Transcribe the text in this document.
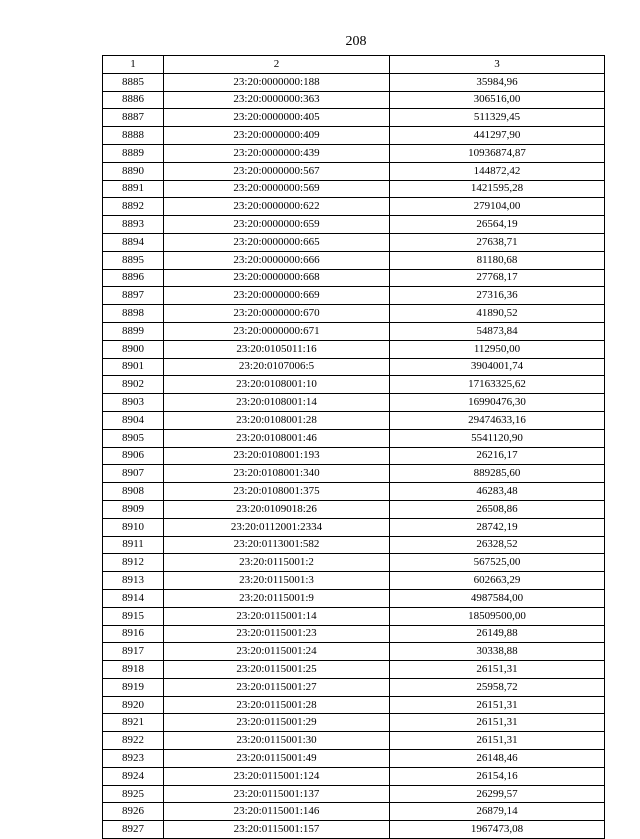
208
1	2	3
8885	23:20:0000000:188	35984,96
8886	23:20:0000000:363	306516,00
8887	23:20:0000000:405	511329,45
8888	23:20:0000000:409	441297,90
8889	23:20:0000000:439	10936874,87
8890	23:20:0000000:567	144872,42
8891	23:20:0000000:569	1421595,28
8892	23:20:0000000:622	279104,00
8893	23:20:0000000:659	26564,19
8894	23:20:0000000:665	27638,71
8895	23:20:0000000:666	81180,68
8896	23:20:0000000:668	27768,17
8897	23:20:0000000:669	27316,36
8898	23:20:0000000:670	41890,52
8899	23:20:0000000:671	54873,84
8900	23:20:0105011:16	112950,00
8901	23:20:0107006:5	3904001,74
8902	23:20:0108001:10	17163325,62
8903	23:20:0108001:14	16990476,30
8904	23:20:0108001:28	29474633,16
8905	23:20:0108001:46	5541120,90
8906	23:20:0108001:193	26216,17
8907	23:20:0108001:340	889285,60
8908	23:20:0108001:375	46283,48
8909	23:20:0109018:26	26508,86
8910	23:20:0112001:2334	28742,19
8911	23:20:0113001:582	26328,52
8912	23:20:0115001:2	567525,00
8913	23:20:0115001:3	602663,29
8914	23:20:0115001:9	4987584,00
8915	23:20:0115001:14	18509500,00
8916	23:20:0115001:23	26149,88
8917	23:20:0115001:24	30338,88
8918	23:20:0115001:25	26151,31
8919	23:20:0115001:27	25958,72
8920	23:20:0115001:28	26151,31
8921	23:20:0115001:29	26151,31
8922	23:20:0115001:30	26151,31
8923	23:20:0115001:49	26148,46
8924	23:20:0115001:124	26154,16
8925	23:20:0115001:137	26299,57
8926	23:20:0115001:146	26879,14
8927	23:20:0115001:157	1967473,08
